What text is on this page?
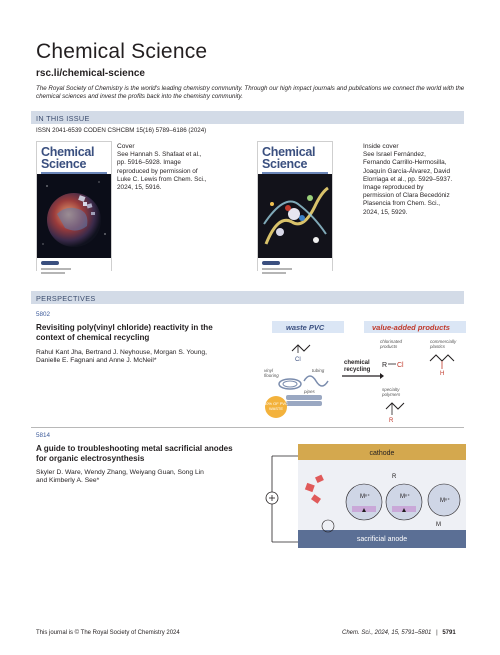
Chemical Science
rsc.li/chemical-science
The Royal Society of Chemistry is the world's leading chemistry community. Through our high impact journals and publications we connect the world with the chemical sciences and invest the profits back into the chemistry community.
IN THIS ISSUE
ISSN 2041-6539 CODEN CSHCBM 15(16) 5789–6186 (2024)
Chemical
Science
Cover
See Hannah S. Shafaat et al.,
pp. 5916–5928. Image
reproduced by permission of
Luke C. Lewis from Chem. Sci.,
2024, 15, 5916.
Chemical
Science
Inside cover
See Israel Fernández,
Fernando Carrillo-Hermosilla,
Joaquín García-Álvarez, David
Elorriaga et al., pp. 5929–5937.
Image reproduced by
permission of Clara Becedóniz
Plasencia from Chem. Sci.,
2024, 15, 5929.
PERSPECTIVES
5802
Revisiting poly(vinyl chloride) reactivity in the
context of chemical recycling
Rahul Kant Jha, Bertrand J. Neyhouse, Morgan S. Young,
Danielle E. Fagnani and Anne J. McNeil*
waste PVC	value-added products
Cl
vinyl
flooring
tubing
pipes
40% OF PVC
WASTE
chemical
recycling
chlorinated
products
R Cl
commercially
plastics
H
specialty
polymers
R
5814
A guide to troubleshooting metal sacrificial anodes
for organic electrosynthesis
Skyler D. Ware, Wendy Zhang, Weiyang Guan, Song Lin
and Kimberly A. See*
cathode
sacrificial anode
Mⁿ⁺
R
Mⁿ⁺
Mⁿ⁺
M
This journal is © The Royal Society of Chemistry 2024	Chem. Sci., 2024, 15, 5791–5801 | 5791
